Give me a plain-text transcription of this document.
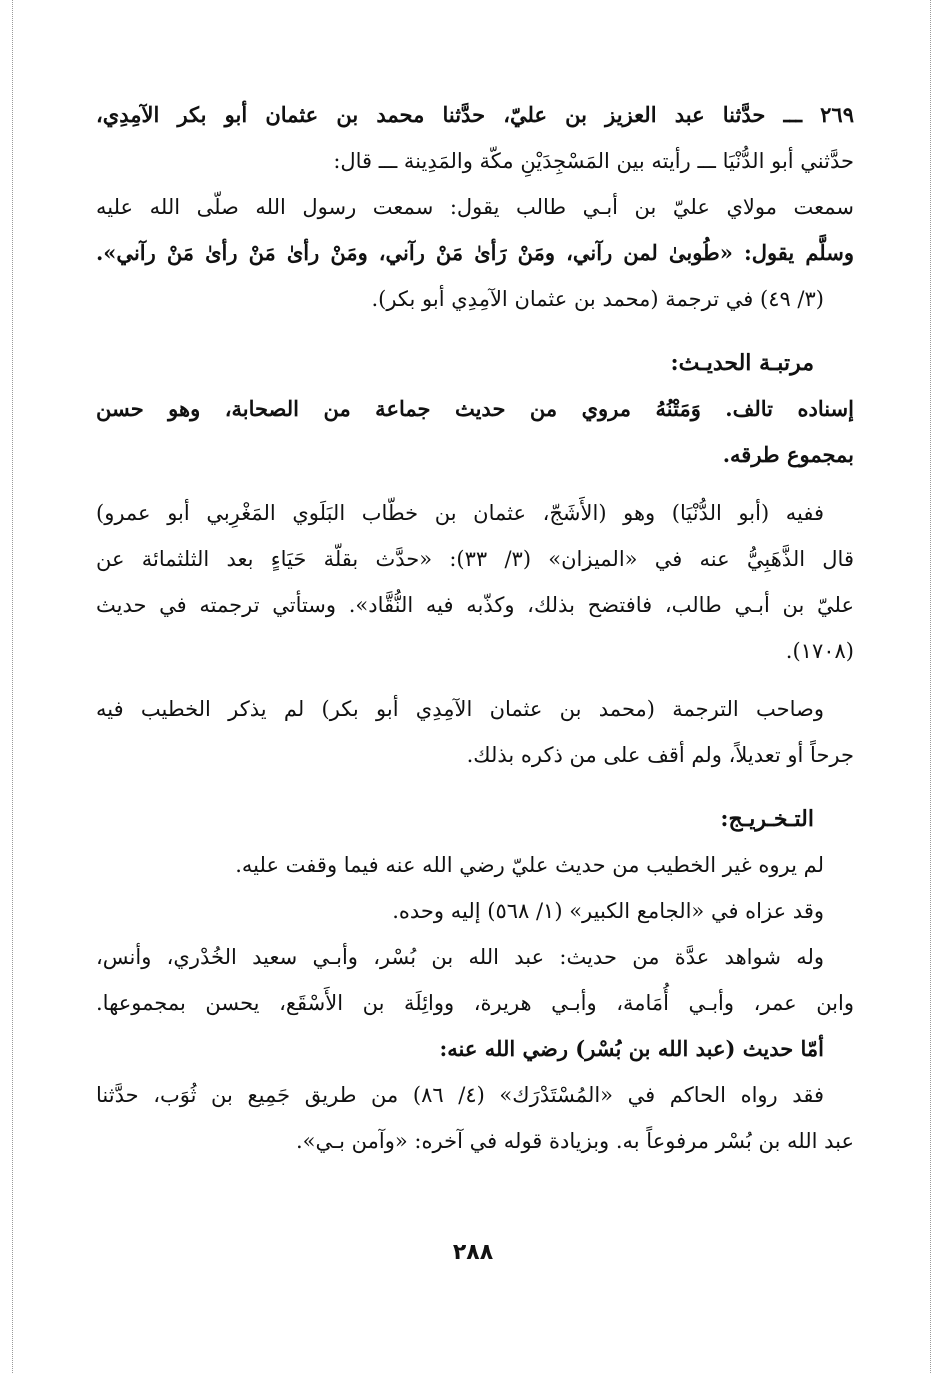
٢٦٩ ـــ حدَّثنا عبد العزيز بن عليّ، حدَّثنا محمد بن عثمان أبو بكر الآمِدِي،
حدَّثني أبو الدُّنْيَا ـــ رأيته بين المَسْجِدَيْنِ مكّة والمَدِينة ـــ قال:
سمعت مولاي عليّ بن أبـي طالب يقول: سمعت رسول الله صلّى الله عليه
وسلَّم يقول: «طُوبىٰ لمن رآني، ومَنْ رَأىٰ مَنْ رآني، ومَنْ رأىٰ مَنْ رأىٰ مَنْ رآني».
(٣/ ٤٩) في ترجمة (محمد بن عثمان الآمِدِي أبو بكر).
مرتبـة الحديـث:
إسناده تالف. وَمَتْنُهُ مروي من حديث جماعة من الصحابة، وهو حسن
بمجموع طرقه.
ففيه (أبو الدُّنْيَا) وهو (الأَشَجّ، عثمان بن خطّاب البَلَوي المَغْرِبي أبو عمرو)
قال الذَّهَبِيُّ عنه في «الميزان» (٣/ ٣٣): «حدَّث بقلّة حَيَاءٍ بعد الثلثمائة عن
عليّ بن أبـي طالب، فافتضح بذلك، وكذّبه فيه النُّقَّاد». وستأتي ترجمته في حديث
(١٧٠٨).
وصاحب الترجمة (محمد بن عثمان الآمِدِي أبو بكر) لم يذكر الخطيب فيه
جرحاً أو تعديلاً، ولم أقف على من ذكره بذلك.
التـخـريـج:
لم يروه غير الخطيب من حديث عليّ رضي الله عنه فيما وقفت عليه.
وقد عزاه في «الجامع الكبير» (١/ ٥٦٨) إليه وحده.
وله شواهد عدَّة من حديث: عبد الله بن بُسْر، وأبـي سعيد الخُدْري، وأنس،
وابن عمر، وأبـي أُمَامة، وأبـي هريرة، ووائِلَة بن الأَسْقَع، يحسن بمجموعها.
أمّا حديث (عبد الله بن بُسْر) رضي الله عنه:
فقد رواه الحاكم في «المُسْتَدْرَك» (٤/ ٨٦) من طريق جَمِيع بن ثُوَب، حدَّثنا
عبد الله بن بُسْر مرفوعاً به. وبزيادة قوله في آخره: «وآمن بـي».
٢٨٨
